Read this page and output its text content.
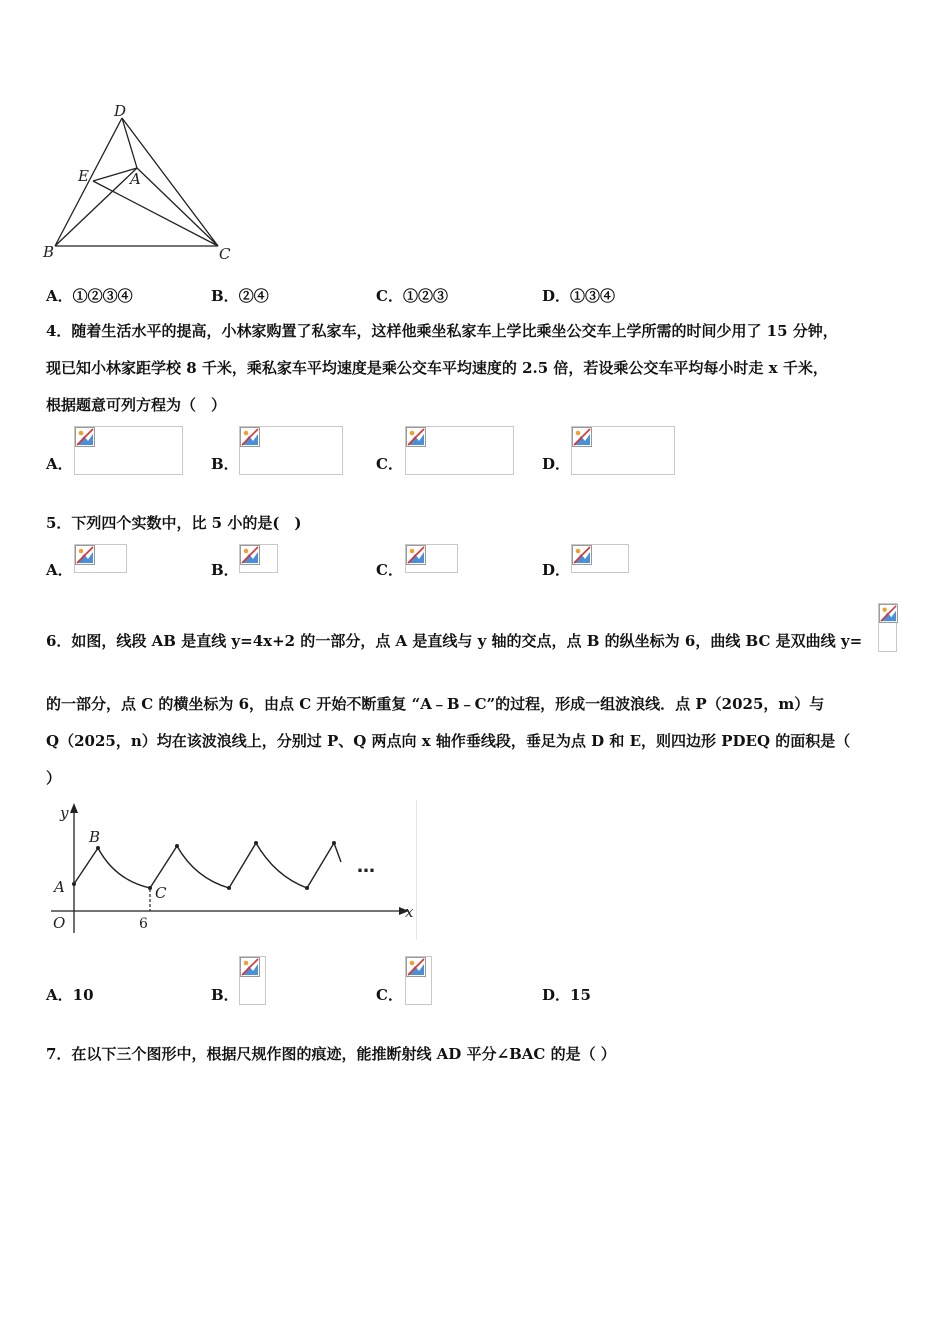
D
E	A
B	C
A．①②③④	B．②④	C．①②③	D．①③④
4．随着生活水平的提高，小林家购置了私家车，这样他乘坐私家车上学比乘坐公交车上学所需的时间少用了 15 分钟，
现已知小林家距学校 8 千米，乘私家车平均速度是乘公交车平均速度的 2.5 倍，若设乘公交车平均每小时走 x 千米，
根据题意可列方程为（　）
A．	B．	C．	D．
5．下列四个实数中，比 5 小的是(　)
A．	B．	C．	D．
6．如图，线段 AB 是直线 y=4x+2 的一部分，点 A 是直线与 y 轴的交点，点 B 的纵坐标为 6，曲线 BC 是双曲线 y=
的一部分，点 C 的横坐标为 6，由点 C 开始不断重复 “A﹣B﹣C”的过程，形成一组波浪线．点 P（2025，m）与
Q（2025，n）均在该波浪线上，分别过 P、Q 两点向 x 轴作垂线段，垂足为点 D 和 E，则四边形 PDEQ 的面积是（
）
y
x
O
A
B
C
6
…
A．10	B．	C．	D．15
7．在以下三个图形中，根据尺规作图的痕迹，能推断射线 AD 平分∠BAC 的是（ ）
